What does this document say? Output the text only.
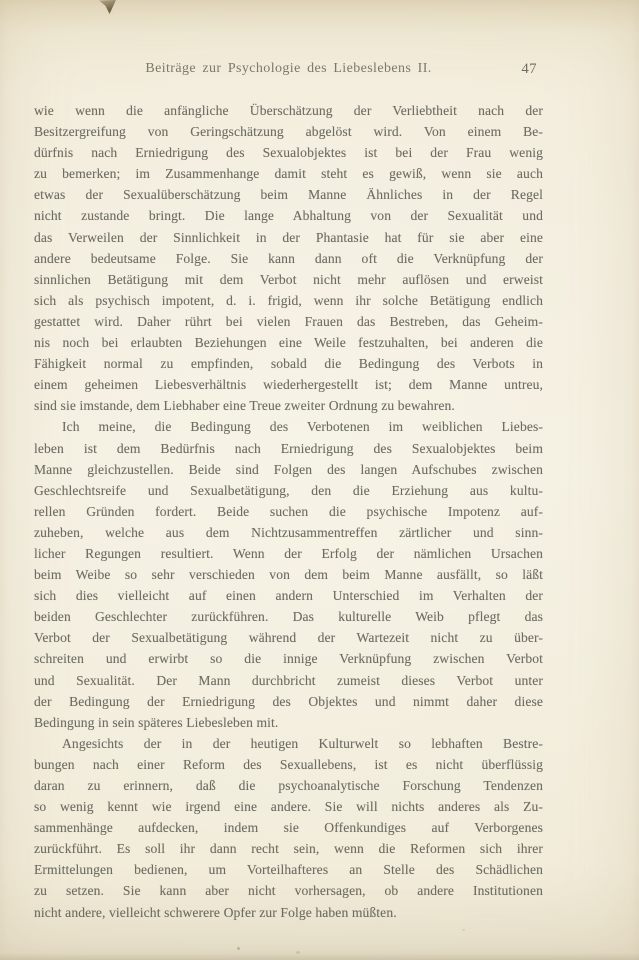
Beiträge zur Psychologie des Liebeslebens II.	47
wie wenn die anfängliche Überschätzung der Verliebtheit nach der
Besitzergreifung von Geringschätzung abgelöst wird. Von einem Be-
dürfnis nach Erniedrigung des Sexualobjektes ist bei der Frau wenig
zu bemerken; im Zusammenhange damit steht es gewiß, wenn sie auch
etwas der Sexualüberschätzung beim Manne Ähnliches in der Regel
nicht zustande bringt. Die lange Abhaltung von der Sexualität und
das Verweilen der Sinnlichkeit in der Phantasie hat für sie aber eine
andere bedeutsame Folge. Sie kann dann oft die Verknüpfung der
sinnlichen Betätigung mit dem Verbot nicht mehr auflösen und erweist
sich als psychisch impotent, d. i. frigid, wenn ihr solche Betätigung endlich
gestattet wird. Daher rührt bei vielen Frauen das Bestreben, das Geheim-
nis noch bei erlaubten Beziehungen eine Weile festzuhalten, bei anderen die
Fähigkeit normal zu empfinden, sobald die Bedingung des Verbots in
einem geheimen Liebesverhältnis wiederhergestellt ist; dem Manne untreu,
sind sie imstande, dem Liebhaber eine Treue zweiter Ordnung zu bewahren.
Ich meine, die Bedingung des Verbotenen im weiblichen Liebes-
leben ist dem Bedürfnis nach Erniedrigung des Sexualobjektes beim
Manne gleichzustellen. Beide sind Folgen des langen Aufschubes zwischen
Geschlechtsreife und Sexualbetätigung, den die Erziehung aus kultu-
rellen Gründen fordert. Beide suchen die psychische Impotenz auf-
zuheben, welche aus dem Nichtzusammentreffen zärtlicher und sinn-
licher Regungen resultiert. Wenn der Erfolg der nämlichen Ursachen
beim Weibe so sehr verschieden von dem beim Manne ausfällt, so läßt
sich dies vielleicht auf einen andern Unterschied im Verhalten der
beiden Geschlechter zurückführen. Das kulturelle Weib pflegt das
Verbot der Sexualbetätigung während der Wartezeit nicht zu über-
schreiten und erwirbt so die innige Verknüpfung zwischen Verbot
und Sexualität. Der Mann durchbricht zumeist dieses Verbot unter
der Bedingung der Erniedrigung des Objektes und nimmt daher diese
Bedingung in sein späteres Liebesleben mit.
Angesichts der in der heutigen Kulturwelt so lebhaften Bestre-
bungen nach einer Reform des Sexuallebens, ist es nicht überflüssig
daran zu erinnern, daß die psychoanalytische Forschung Tendenzen
so wenig kennt wie irgend eine andere. Sie will nichts anderes als Zu-
sammenhänge aufdecken, indem sie Offenkundiges auf Verborgenes
zurückführt. Es soll ihr dann recht sein, wenn die Reformen sich ihrer
Ermittelungen bedienen, um Vorteilhafteres an Stelle des Schädlichen
zu setzen. Sie kann aber nicht vorhersagen, ob andere Institutionen
nicht andere, vielleicht schwerere Opfer zur Folge haben müßten.
